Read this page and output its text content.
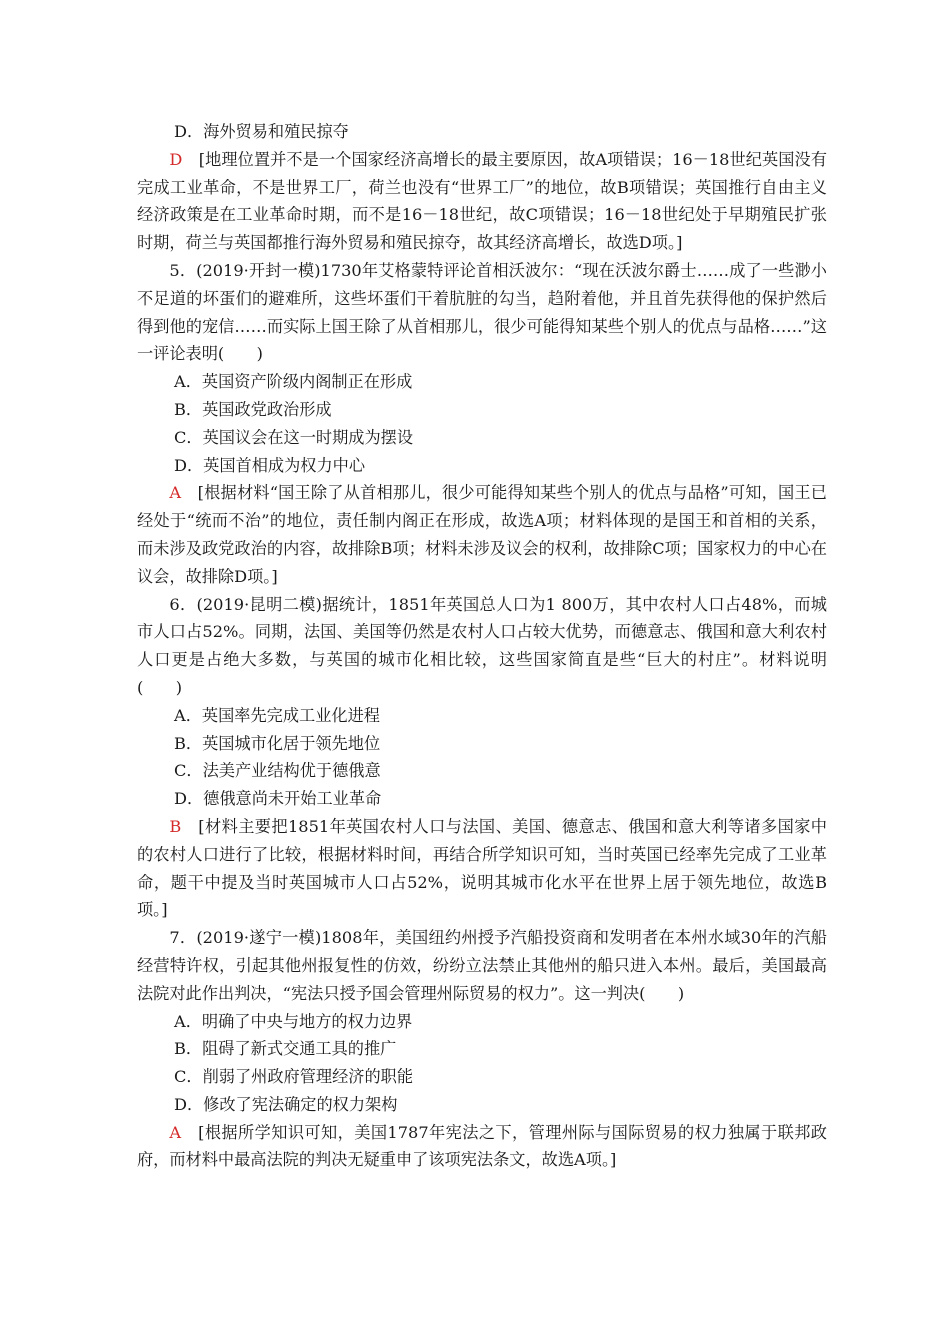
D．海外贸易和殖民掠夺
D　 [地理位置并不是一个国家经济高增长的最主要原因，故A项错误；16－18世纪英国没有完成工业革命，不是世界工厂，荷兰也没有“世界工厂”的地位，故B项错误；英国推行自由主义经济政策是在工业革命时期，而不是16－18世纪，故C项错误；16－18世纪处于早期殖民扩张时期，荷兰与英国都推行海外贸易和殖民掠夺，故其经济高增长，故选D项。]
5．(2019·开封一模)1730年艾格蒙特评论首相沃波尔：“现在沃波尔爵士……成了一些渺小不足道的坏蛋们的避难所，这些坏蛋们干着肮脏的勾当，趋附着他，并且首先获得他的保护然后得到他的宠信……而实际上国王除了从首相那儿，很少可能得知某些个别人的优点与品格……”这一评论表明(　　)
A．英国资产阶级内阁制正在形成
B．英国政党政治形成
C．英国议会在这一时期成为摆设
D．英国首相成为权力中心
A　 [根据材料“国王除了从首相那儿，很少可能得知某些个别人的优点与品格”可知，国王已经处于“统而不治”的地位，责任制内阁正在形成，故选A项；材料体现的是国王和首相的关系，而未涉及政党政治的内容，故排除B项；材料未涉及议会的权利，故排除C项；国家权力的中心在议会，故排除D项。]
6．(2019·昆明二模)据统计，1851年英国总人口为1 800万，其中农村人口占48%，而城市人口占52%。同期，法国、美国等仍然是农村人口占较大优势，而德意志、俄国和意大利农村人口更是占绝大多数，与英国的城市化相比较，这些国家简直是些“巨大的村庄”。材料说明(　　)
A．英国率先完成工业化进程
B．英国城市化居于领先地位
C．法美产业结构优于德俄意
D．德俄意尚未开始工业革命
B　 [材料主要把1851年英国农村人口与法国、美国、德意志、俄国和意大利等诸多国家中的农村人口进行了比较，根据材料时间，再结合所学知识可知，当时英国已经率先完成了工业革命，题干中提及当时英国城市人口占52%，说明其城市化水平在世界上居于领先地位，故选B项。]
7．(2019·遂宁一模)1808年，美国纽约州授予汽船投资商和发明者在本州水域30年的汽船经营特许权，引起其他州报复性的仿效，纷纷立法禁止其他州的船只进入本州。最后，美国最高法院对此作出判决，“宪法只授予国会管理州际贸易的权力”。这一判决(　　)
A．明确了中央与地方的权力边界
B．阻碍了新式交通工具的推广
C．削弱了州政府管理经济的职能
D．修改了宪法确定的权力架构
A　 [根据所学知识可知，美国1787年宪法之下，管理州际与国际贸易的权力独属于联邦政府，而材料中最高法院的判决无疑重申了该项宪法条文，故选A项。]
